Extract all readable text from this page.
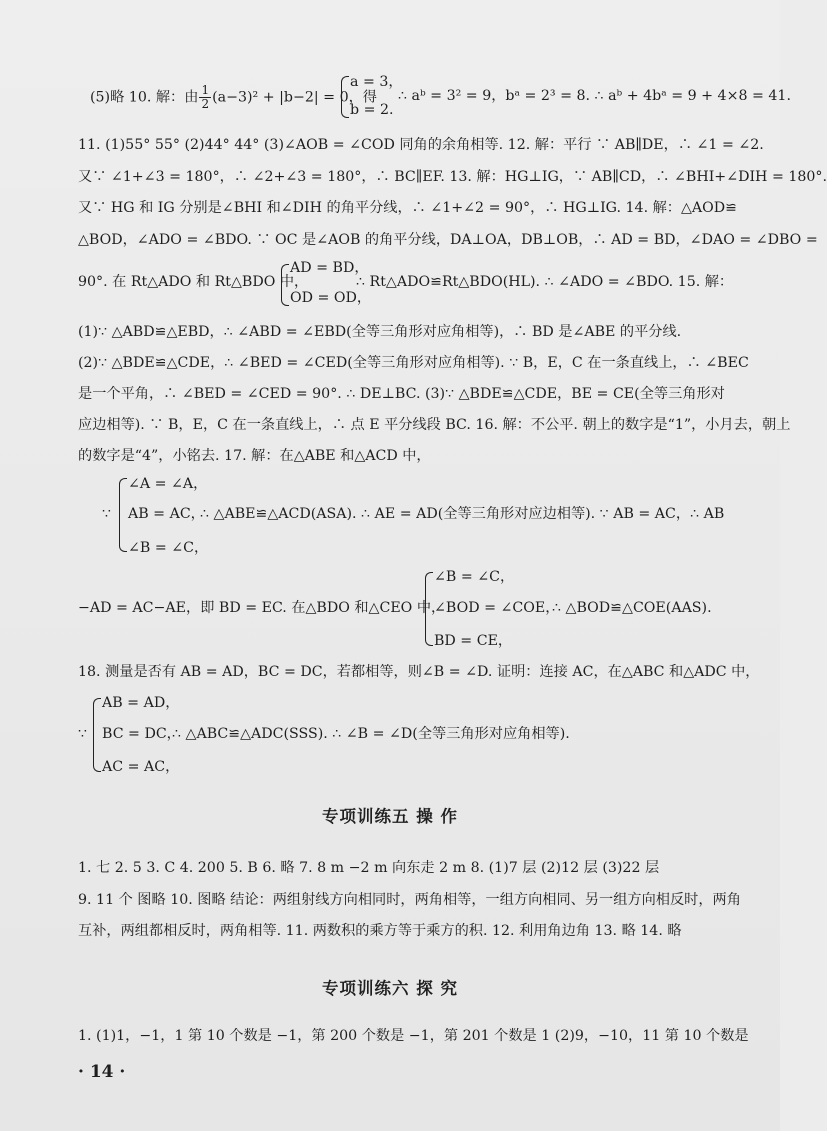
(5)略 10. 解：由 $\frac{1}{2} (a-3)^2 + |b-2| = 0$，得
a = 3，
b = 2.
∴ aᵇ = 3² = 9，bᵃ = 2³ = 8. ∴ aᵇ + 4bᵃ = 9 + 4×8 = 41.
11. (1)55° 55° (2)44° 44° (3)∠AOB = ∠COD 同角的余角相等. 12. 解：平行 ∵ AB∥DE，∴ ∠1 = ∠2.
又∵ ∠1+∠3 = 180°，∴ ∠2+∠3 = 180°，∴ BC∥EF. 13. 解：HG⊥IG，∵ AB∥CD，∴ ∠BHI+∠DIH = 180°.
又∵ HG 和 IG 分别是∠BHI 和∠DIH 的角平分线，∴ ∠1+∠2 = 90°，∴ HG⊥IG. 14. 解：△AOD≌
△BOD，∠ADO = ∠BDO. ∵ OC 是∠AOB 的角平分线，DA⊥OA，DB⊥OB，∴ AD = BD，∠DAO = ∠DBO =
90°. 在 Rt△ADO 和 Rt△BDO 中，
AD = BD，
OD = OD，
∴ Rt△ADO≌Rt△BDO(HL). ∴ ∠ADO = ∠BDO. 15. 解：
(1)∵ △ABD≌△EBD，∴ ∠ABD = ∠EBD(全等三角形对应角相等)，∴ BD 是∠ABE 的平分线.
(2)∵ △BDE≌△CDE，∴ ∠BED = ∠CED(全等三角形对应角相等). ∵ B，E，C 在一条直线上，∴ ∠BEC
是一个平角，∴ ∠BED = ∠CED = 90°. ∴ DE⊥BC. (3)∵ △BDE≌△CDE，BE = CE(全等三角形对
应边相等). ∵ B，E，C 在一条直线上，∴ 点 E 平分线段 BC. 16. 解：不公平. 朝上的数字是“1”，小月去，朝上
的数字是“4”，小铭去. 17. 解：在△ABE 和△ACD 中，
∵
∠A = ∠A，
AB = AC，
∠B = ∠C，
∴ △ABE≌△ACD(ASA). ∴ AE = AD(全等三角形对应边相等). ∵ AB = AC，∴ AB
−AD = AC−AE，即 BD = EC. 在△BDO 和△CEO 中，
∠B = ∠C，
∠BOD = ∠COE，
BD = CE，
∴ △BOD≌△COE(AAS).
18. 测量是否有 AB = AD，BC = DC，若都相等，则∠B = ∠D. 证明：连接 AC，在△ABC 和△ADC 中，
∵
AB = AD，
BC = DC，
AC = AC，
∴ △ABC≌△ADC(SSS). ∴ ∠B = ∠D(全等三角形对应角相等).
专项训练五 操 作
1. 七 2. 5 3. C 4. 200 5. B 6. 略 7. 8 m −2 m 向东走 2 m 8. (1)7 层 (2)12 层 (3)22 层
9. 11 个 图略 10. 图略 结论：两组射线方向相同时，两角相等，一组方向相同、另一组方向相反时，两角
互补，两组都相反时，两角相等. 11. 两数积的乘方等于乘方的积. 12. 利用角边角 13. 略 14. 略
专项训练六 探 究
1. (1)1，−1，1 第 10 个数是 −1，第 200 个数是 −1，第 201 个数是 1 (2)9，−10，11 第 10 个数是
· 14 ·
